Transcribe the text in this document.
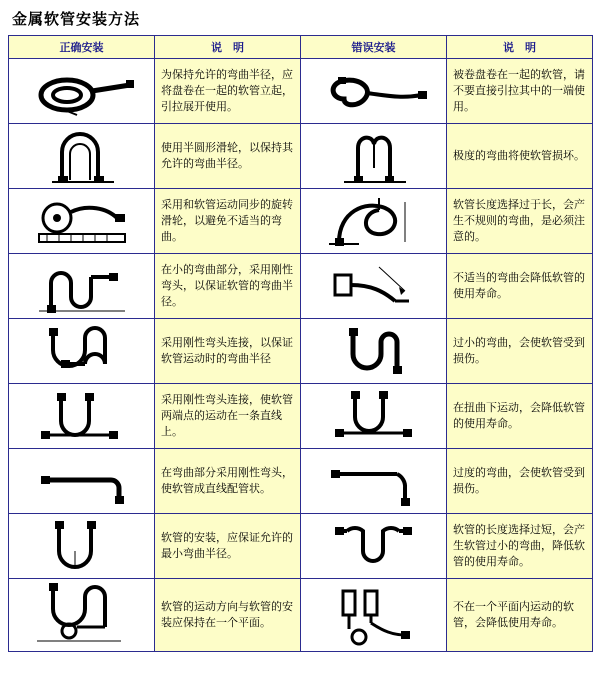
金属软管安装方法
正确安装	说　明	错误安装	说　明

	为保持允许的弯曲半径，应将盘卷在一起的软管立起，引拉展开使用。		被卷盘卷在一起的软管，请不要直接引拉其中的一端使用。

	使用半圆形滑轮，以保持其允许的弯曲半径。		极度的弯曲将使软管损坏。

	采用和软管运动同步的旋转滑轮，以避免不适当的弯曲。		软管长度选择过于长，会产生不规则的弯曲，是必须注意的。

	在小的弯曲部分，采用刚性弯头，以保证软管的弯曲半径。		不适当的弯曲会降低软管的使用寿命。

	采用刚性弯头连接，以保证软管运动时的弯曲半径		过小的弯曲，会使软管受到损伤。

	采用刚性弯头连接，使软管两端点的运动在一条直线上。		在扭曲下运动，会降低软管的使用寿命。

	在弯曲部分采用刚性弯头，使软管成直线配管状。		过度的弯曲，会使软管受到损伤。

	软管的安装，应保证允许的最小弯曲半径。		软管的长度选择过短，会产生软管过小的弯曲，降低软管的使用寿命。

	软管的运动方向与软管的安装应保持在一个平面。		不在一个平面内运动的软管，会降低使用寿命。
